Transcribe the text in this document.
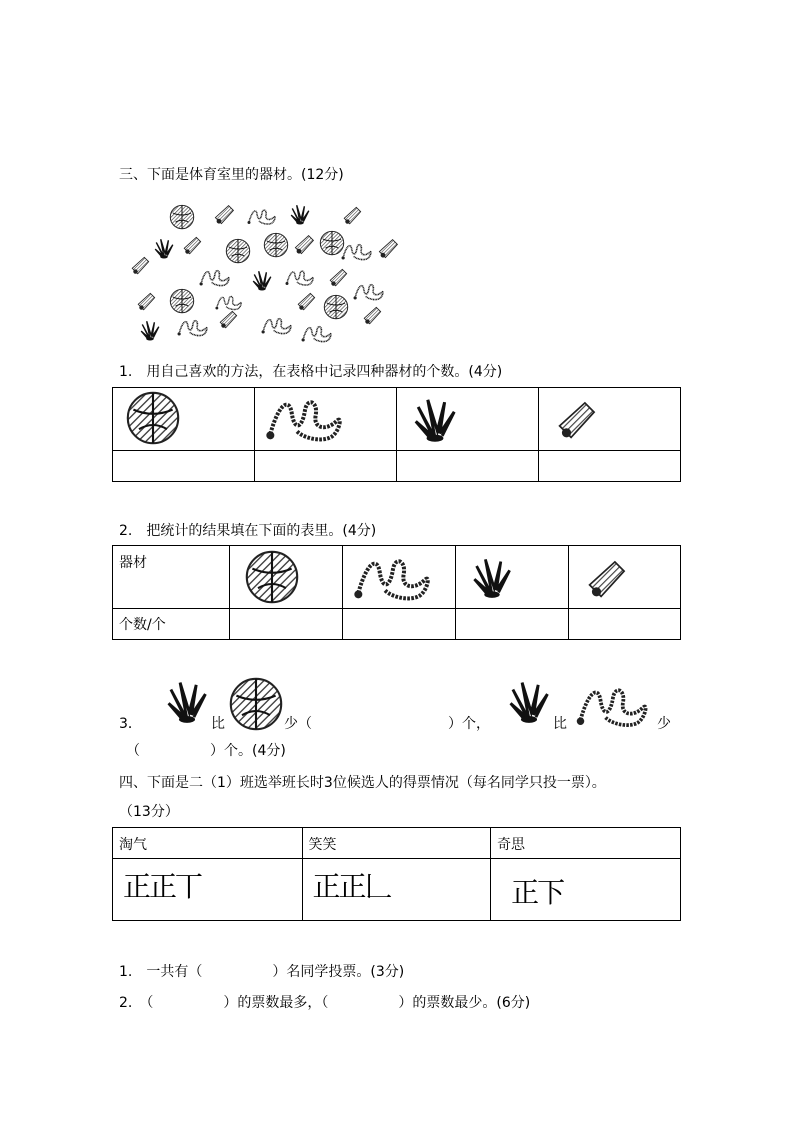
三、下面是体育室里的器材。(12分)
1.　用自己喜欢的方法，在表格中记录四种器材的个数。(4分)

2.　把统计的结果填在下面的表里。(4分)
器材	

个数/个				
3．	比	少（	）个，	比	少
（　　　　　）个。(4分)
四、下面是二（1）班选举班长时3位候选人的得票情况（每名同学只投一票）。
（13分）
淘气	笑笑	奇思
正正丅	正正𠃊	正下
1.　一共有（　　　　　）名同学投票。(3分)
2.　（　　　　　）的票数最多，（　　　　　）的票数最少。(6分)
